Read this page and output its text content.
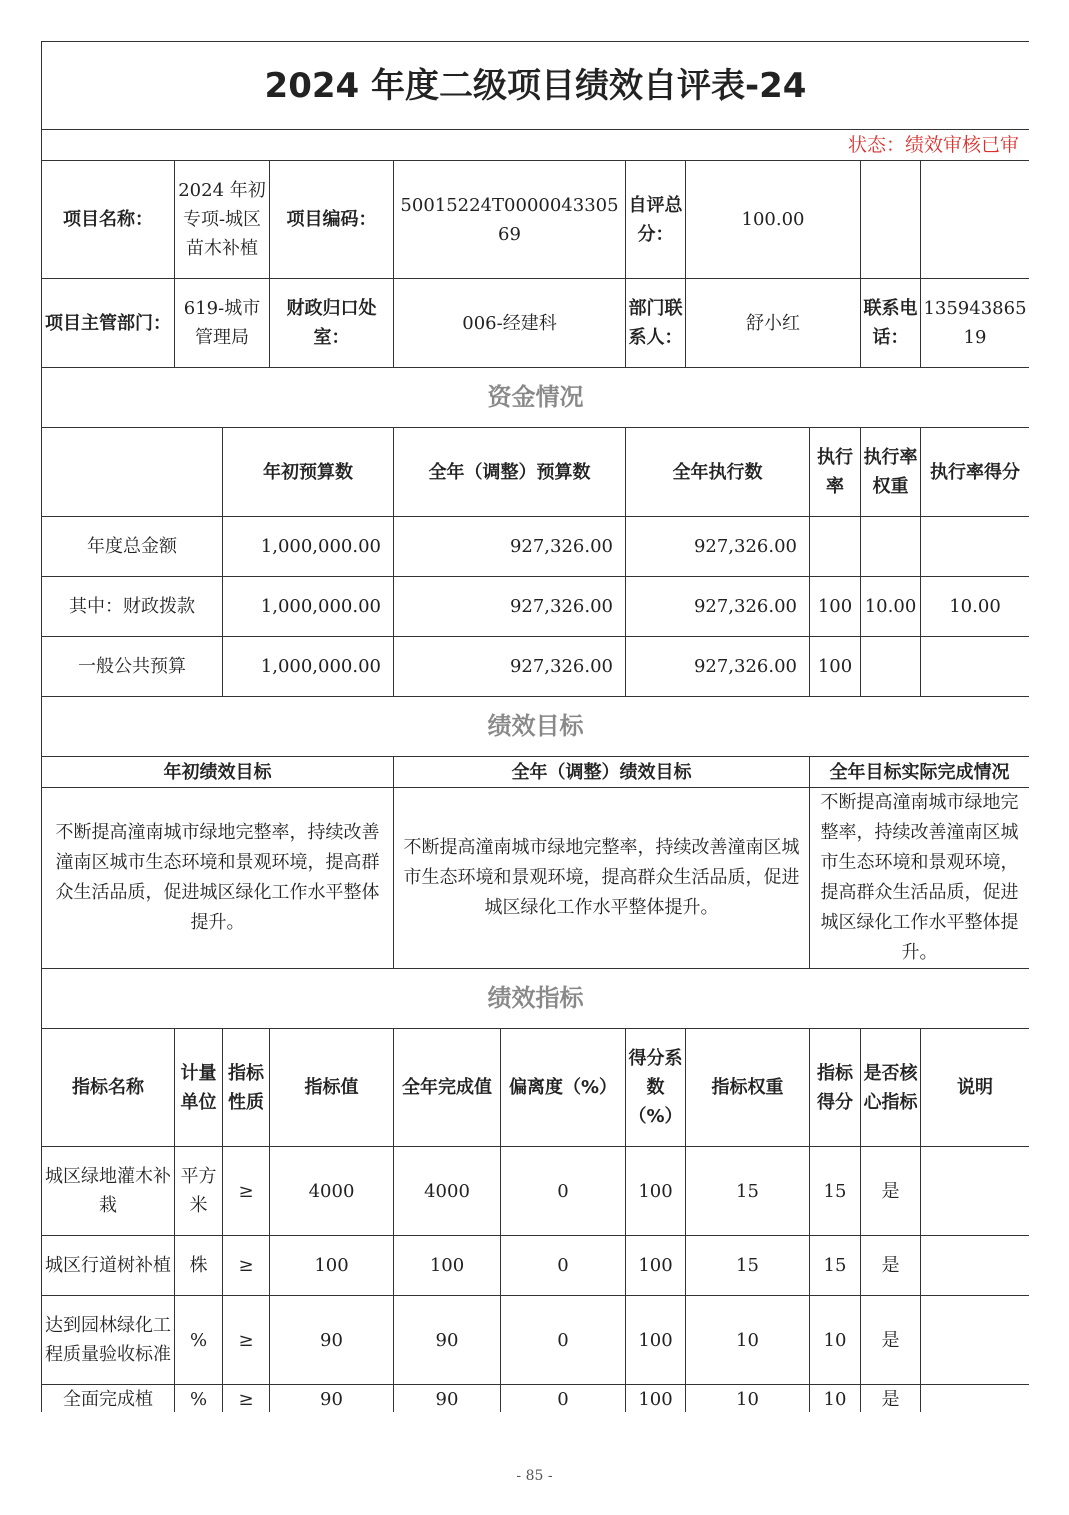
2024 年度二级项目绩效自评表-24										
状态：绩效审核已审										
项目名称：	2024 年初专项-城区苗木补植		项目编码：	50015224T000004330569		自评总分：	100.00			
项目主管部门：	619-城市管理局		财政归口处室：	006-经建科		部门联系人：	舒小红		联系电话：	13594386519
资金情况										
		年初预算数		全年（调整）预算数		全年执行数		执行率	执行率权重	执行率得分
年度总金额		1,000,000.00		927,326.00		927,326.00				
其中：财政拨款		1,000,000.00		927,326.00		927,326.00		100	10.00	10.00
一般公共预算		1,000,000.00		927,326.00		927,326.00		100		
绩效目标										
年初绩效目标				全年（调整）绩效目标				全年目标实际完成情况		
不断提高潼南城市绿地完整率，持续改善潼南区城市生态环境和景观环境，提高群众生活品质，促进城区绿化工作水平整体提升。				不断提高潼南城市绿地完整率，持续改善潼南区城市生态环境和景观环境，提高群众生活品质，促进城区绿化工作水平整体提升。				不断提高潼南城市绿地完整率，持续改善潼南区城市生态环境和景观环境，提高群众生活品质，促进城区绿化工作水平整体提升。		
绩效指标										
指标名称	计量单位	指标性质	指标值	全年完成值	偏离度（%）	得分系数（%）	指标权重	指标得分	是否核心指标	说明
城区绿地灌木补栽	平方米	≥	4000	4000	0	100	15	15	是	
城区行道树补植	株	≥	100	100	0	100	15	15	是	
达到园林绿化工程质量验收标准	%	≥	90	90	0	100	10	10	是	
全面完成植	%	≥	90	90	0	100	10	10	是	
- 85 -
